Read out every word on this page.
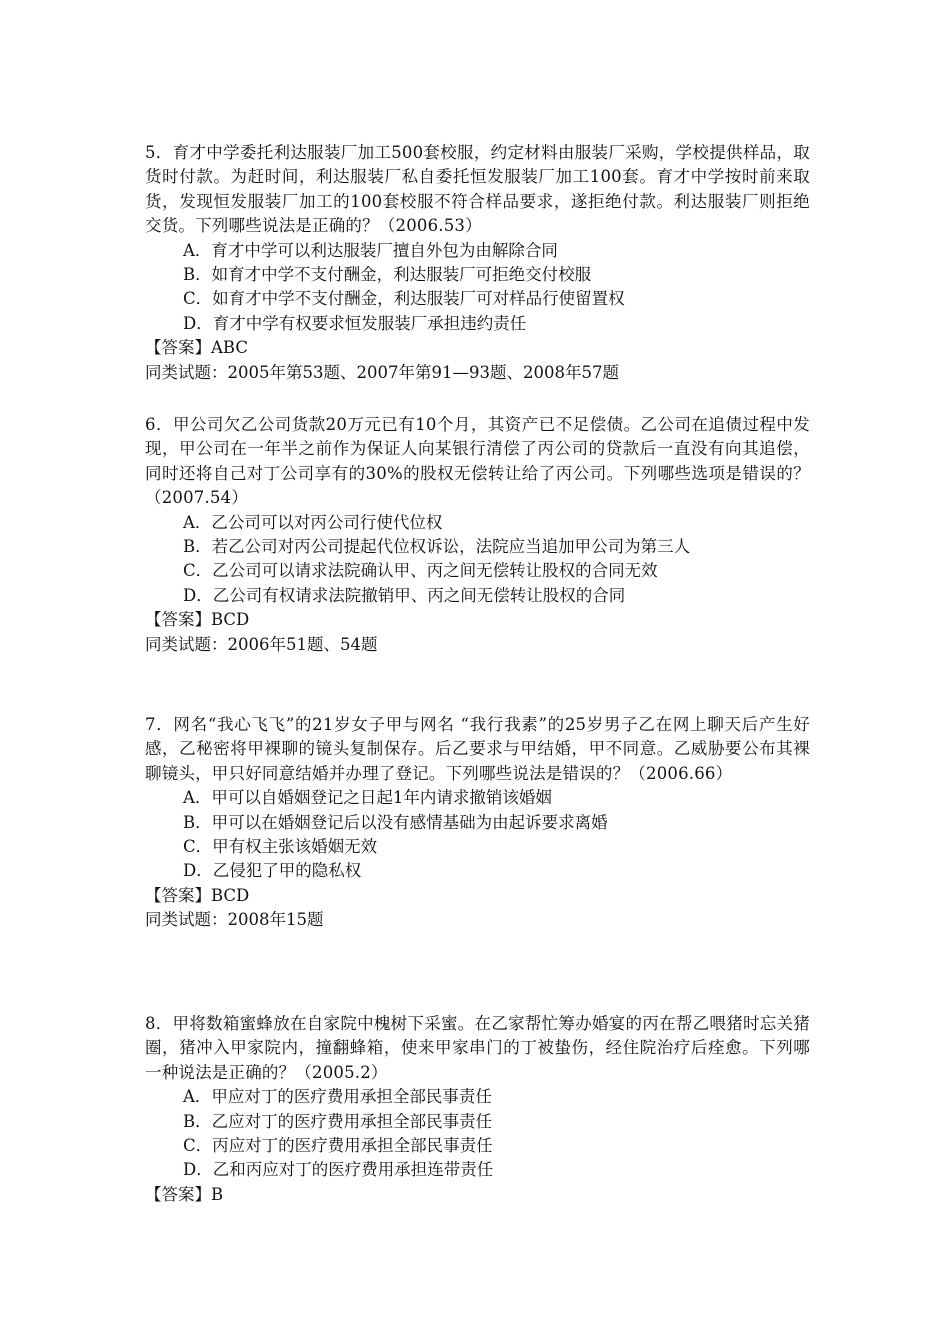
5．育才中学委托利达服装厂加工500套校服，约定材料由服装厂采购，学校提供样品，取货时付款。为赶时间，利达服装厂私自委托恒发服装厂加工100套。育才中学按时前来取货，发现恒发服装厂加工的100套校服不符合样品要求，遂拒绝付款。利达服装厂则拒绝交货。下列哪些说法是正确的？（2006.53）

A．育才中学可以利达服装厂擅自外包为由解除合同
B．如育才中学不支付酬金，利达服装厂可拒绝交付校服
C．如育才中学不支付酬金，利达服装厂可对样品行使留置权
D．育才中学有权要求恒发服装厂承担违约责任
【答案】ABC
同类试题：2005年第53题、2007年第91—93题、2008年57题

6．甲公司欠乙公司货款20万元已有10个月，其资产已不足偿债。乙公司在追债过程中发现，甲公司在一年半之前作为保证人向某银行清偿了丙公司的贷款后一直没有向其追偿，同时还将自己对丁公司享有的30%的股权无偿转让给了丙公司。下列哪些选项是错误的？ （2007.54）

A．乙公司可以对丙公司行使代位权
B．若乙公司对丙公司提起代位权诉讼，法院应当追加甲公司为第三人
C．乙公司可以请求法院确认甲、丙之间无偿转让股权的合同无效
D．乙公司有权请求法院撤销甲、丙之间无偿转让股权的合同
【答案】BCD
同类试题：2006年51题、54题

7．网名“我心飞飞”的21岁女子甲与网名 “我行我素”的25岁男子乙在网上聊天后产生好感，乙秘密将甲裸聊的镜头复制保存。后乙要求与甲结婚，甲不同意。乙威胁要公布其裸聊镜头，甲只好同意结婚并办理了登记。下列哪些说法是错误的？（2006.66）

A．甲可以自婚姻登记之日起1年内请求撤销该婚姻
B．甲可以在婚姻登记后以没有感情基础为由起诉要求离婚
C．甲有权主张该婚姻无效
D．乙侵犯了甲的隐私权
【答案】BCD
同类试题：2008年15题

8．甲将数箱蜜蜂放在自家院中槐树下采蜜。在乙家帮忙筹办婚宴的丙在帮乙喂猪时忘关猪圈，猪冲入甲家院内，撞翻蜂箱，使来甲家串门的丁被蛰伤，经住院治疗后痊愈。下列哪一种说法是正确的？（2005.2）

A．甲应对丁的医疗费用承担全部民事责任
B．乙应对丁的医疗费用承担全部民事责任
C．丙应对丁的医疗费用承担全部民事责任
D．乙和丙应对丁的医疗费用承担连带责任
【答案】B
